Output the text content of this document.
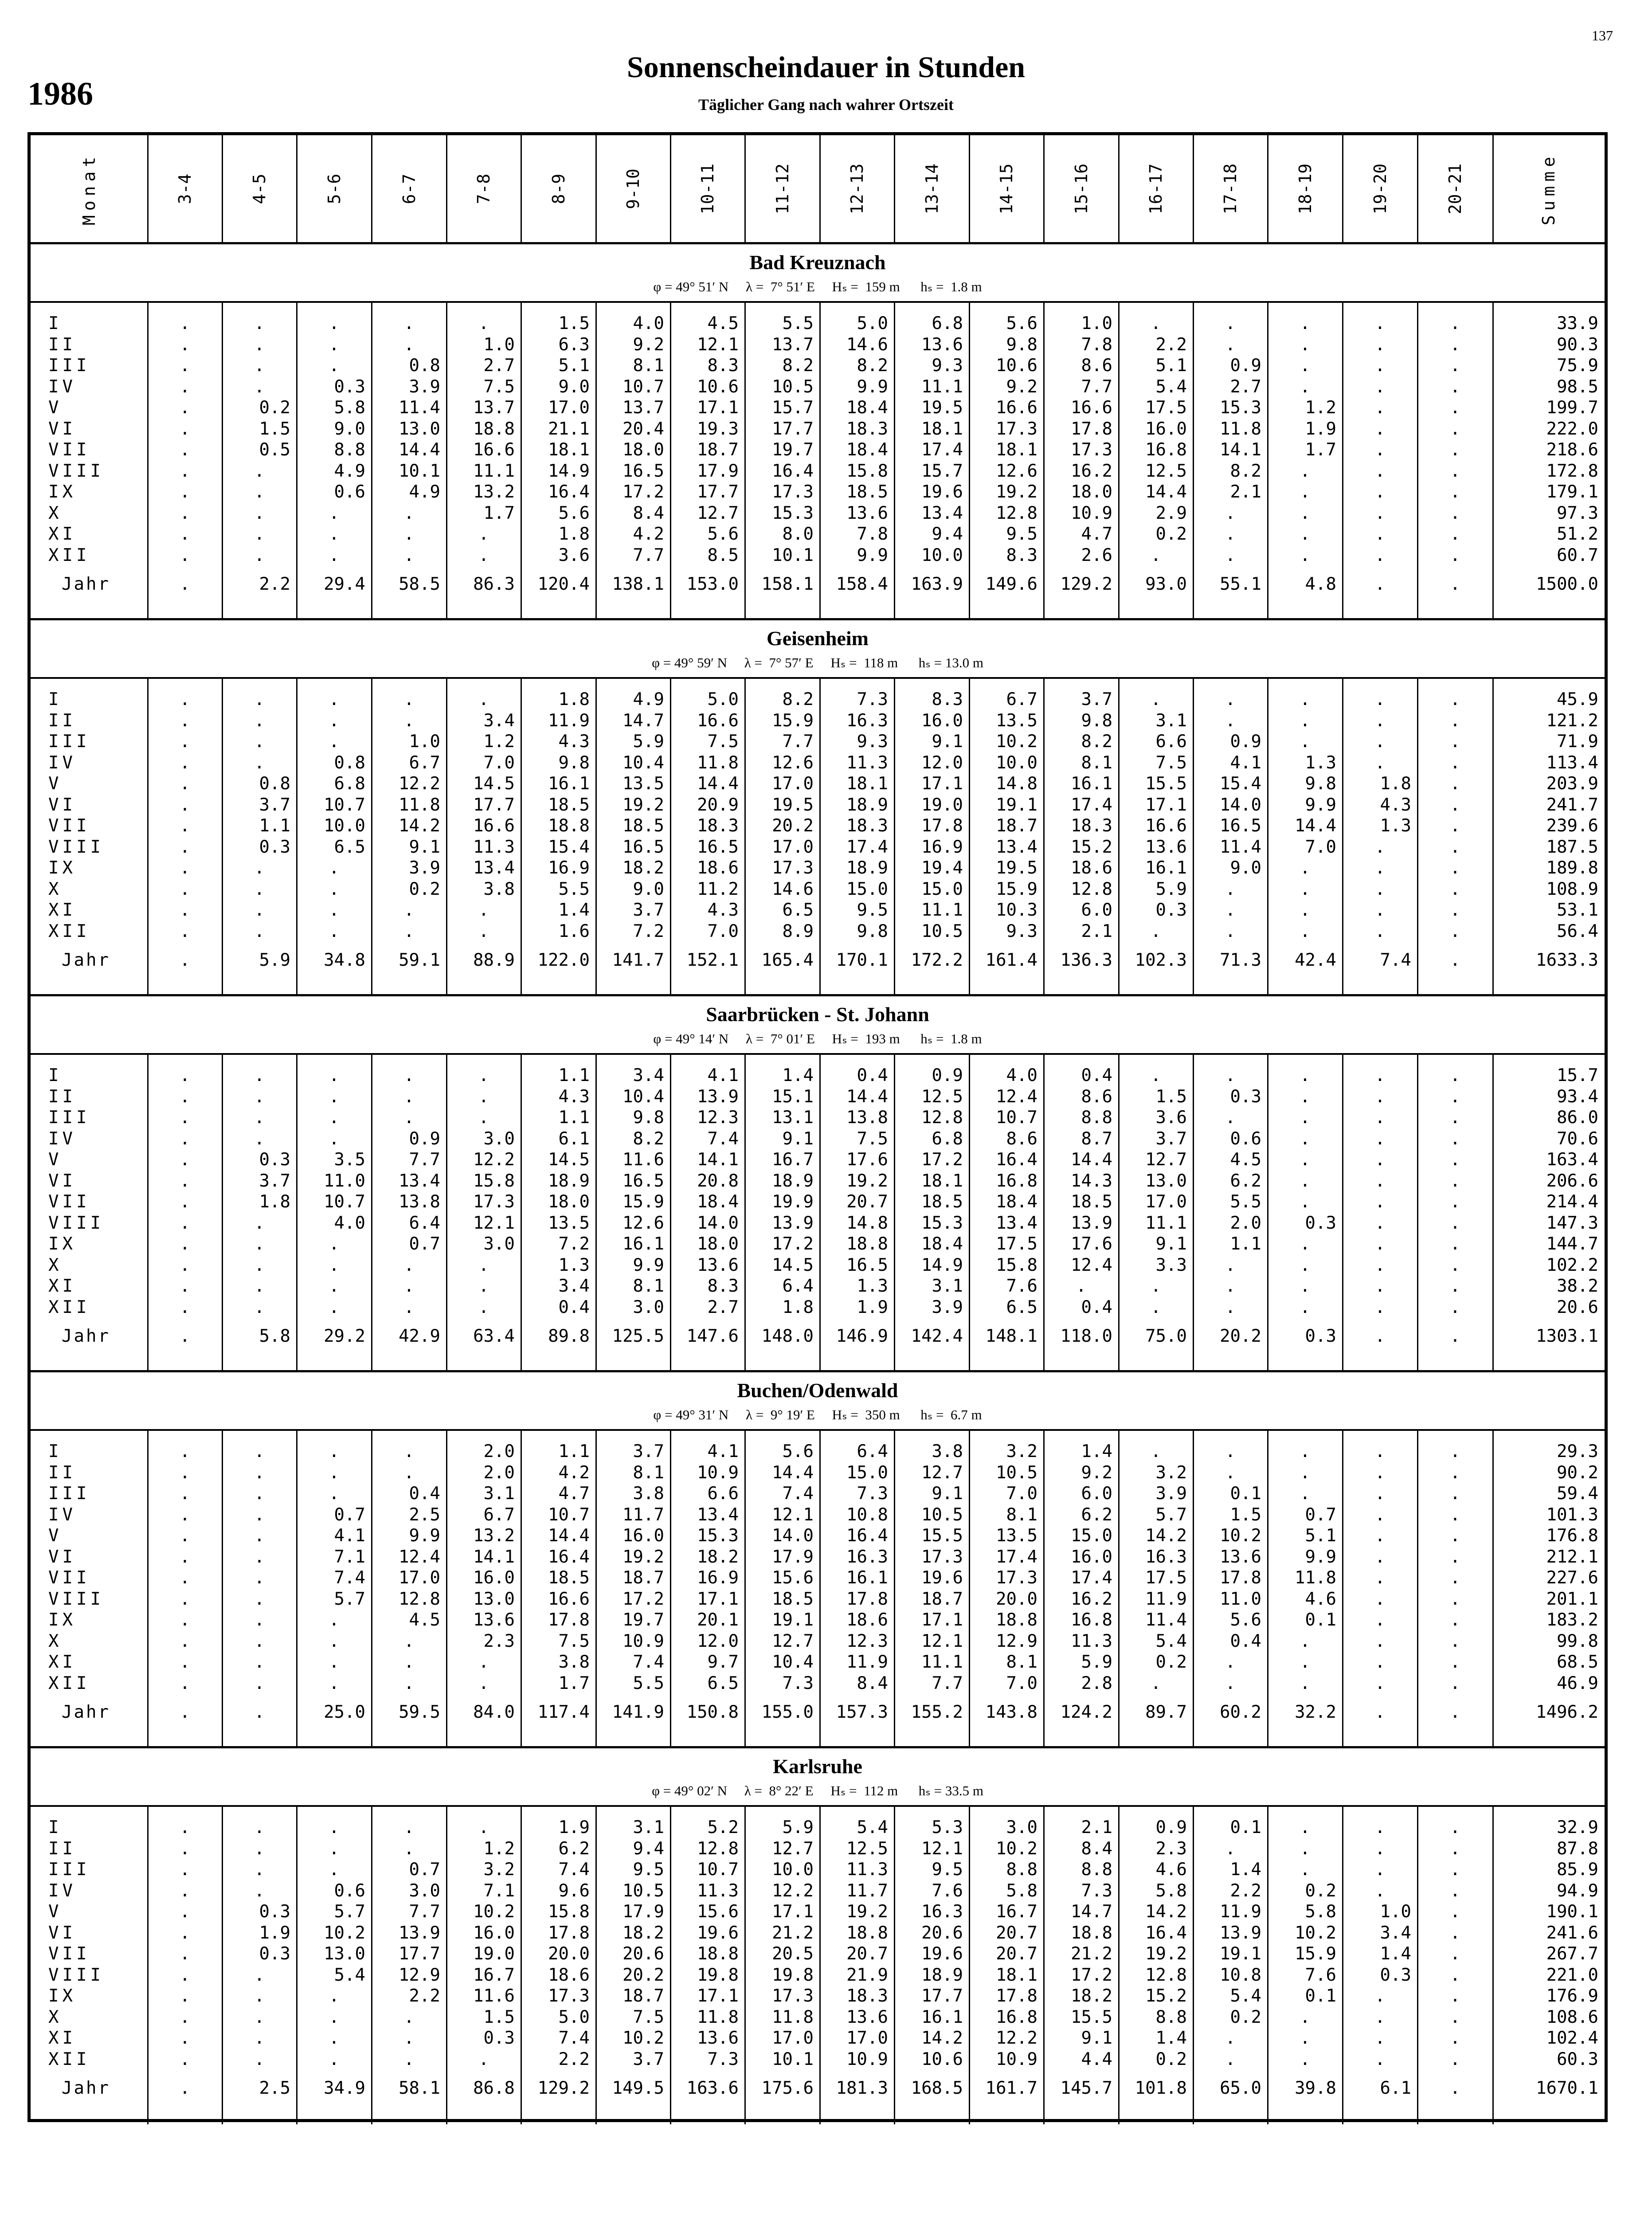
137
1986
Sonnenscheindauer in Stunden
Täglicher Gang nach wahrer Ortszeit
Monat	3-4	4-5	5-6	6-7	7-8	8-9	9-10	10-11	11-12	12-13	13-14	14-15	15-16	16-17	17-18	18-19	19-20	20-21	Summe
Bad Kreuznach
φ = 49° 51′ N     λ =  7° 51′ E     Hₛ =  159 m      hₛ =  1.8 m
I	.	.	.	.	.	1.5	4.0	4.5	5.5	5.0	6.8	5.6	1.0	.	.	.	.	.	33.9
II	.	.	.	.	1.0	6.3	9.2	12.1	13.7	14.6	13.6	9.8	7.8	2.2	.	.	.	.	90.3
III	.	.	.	0.8	2.7	5.1	8.1	8.3	8.2	8.2	9.3	10.6	8.6	5.1	0.9	.	.	.	75.9
IV	.	.	0.3	3.9	7.5	9.0	10.7	10.6	10.5	9.9	11.1	9.2	7.7	5.4	2.7	.	.	.	98.5
V	.	0.2	5.8	11.4	13.7	17.0	13.7	17.1	15.7	18.4	19.5	16.6	16.6	17.5	15.3	1.2	.	.	199.7
VI	.	1.5	9.0	13.0	18.8	21.1	20.4	19.3	17.7	18.3	18.1	17.3	17.8	16.0	11.8	1.9	.	.	222.0
VII	.	0.5	8.8	14.4	16.6	18.1	18.0	18.7	19.7	18.4	17.4	18.1	17.3	16.8	14.1	1.7	.	.	218.6
VIII	.	.	4.9	10.1	11.1	14.9	16.5	17.9	16.4	15.8	15.7	12.6	16.2	12.5	8.2	.	.	.	172.8
IX	.	.	0.6	4.9	13.2	16.4	17.2	17.7	17.3	18.5	19.6	19.2	18.0	14.4	2.1	.	.	.	179.1
X	.	.	.	.	1.7	5.6	8.4	12.7	15.3	13.6	13.4	12.8	10.9	2.9	.	.	.	.	97.3
XI	.	.	.	.	.	1.8	4.2	5.6	8.0	7.8	9.4	9.5	4.7	0.2	.	.	.	.	51.2
XII	.	.	.	.	.	3.6	7.7	8.5	10.1	9.9	10.0	8.3	2.6	.	.	.	.	.	60.7
Jahr	.	2.2	29.4	58.5	86.3	120.4	138.1	153.0	158.1	158.4	163.9	149.6	129.2	93.0	55.1	4.8	.	.	1500.0
Geisenheim
φ = 49° 59′ N     λ =  7° 57′ E     Hₛ =  118 m      hₛ = 13.0 m
I	.	.	.	.	.	1.8	4.9	5.0	8.2	7.3	8.3	6.7	3.7	.	.	.	.	.	45.9
II	.	.	.	.	3.4	11.9	14.7	16.6	15.9	16.3	16.0	13.5	9.8	3.1	.	.	.	.	121.2
III	.	.	.	1.0	1.2	4.3	5.9	7.5	7.7	9.3	9.1	10.2	8.2	6.6	0.9	.	.	.	71.9
IV	.	.	0.8	6.7	7.0	9.8	10.4	11.8	12.6	11.3	12.0	10.0	8.1	7.5	4.1	1.3	.	.	113.4
V	.	0.8	6.8	12.2	14.5	16.1	13.5	14.4	17.0	18.1	17.1	14.8	16.1	15.5	15.4	9.8	1.8	.	203.9
VI	.	3.7	10.7	11.8	17.7	18.5	19.2	20.9	19.5	18.9	19.0	19.1	17.4	17.1	14.0	9.9	4.3	.	241.7
VII	.	1.1	10.0	14.2	16.6	18.8	18.5	18.3	20.2	18.3	17.8	18.7	18.3	16.6	16.5	14.4	1.3	.	239.6
VIII	.	0.3	6.5	9.1	11.3	15.4	16.5	16.5	17.0	17.4	16.9	13.4	15.2	13.6	11.4	7.0	.	.	187.5
IX	.	.	.	3.9	13.4	16.9	18.2	18.6	17.3	18.9	19.4	19.5	18.6	16.1	9.0	.	.	.	189.8
X	.	.	.	0.2	3.8	5.5	9.0	11.2	14.6	15.0	15.0	15.9	12.8	5.9	.	.	.	.	108.9
XI	.	.	.	.	.	1.4	3.7	4.3	6.5	9.5	11.1	10.3	6.0	0.3	.	.	.	.	53.1
XII	.	.	.	.	.	1.6	7.2	7.0	8.9	9.8	10.5	9.3	2.1	.	.	.	.	.	56.4
Jahr	.	5.9	34.8	59.1	88.9	122.0	141.7	152.1	165.4	170.1	172.2	161.4	136.3	102.3	71.3	42.4	7.4	.	1633.3
Saarbrücken - St. Johann
φ = 49° 14′ N     λ =  7° 01′ E     Hₛ =  193 m      hₛ =  1.8 m
I	.	.	.	.	.	1.1	3.4	4.1	1.4	0.4	0.9	4.0	0.4	.	.	.	.	.	15.7
II	.	.	.	.	.	4.3	10.4	13.9	15.1	14.4	12.5	12.4	8.6	1.5	0.3	.	.	.	93.4
III	.	.	.	.	.	1.1	9.8	12.3	13.1	13.8	12.8	10.7	8.8	3.6	.	.	.	.	86.0
IV	.	.	.	0.9	3.0	6.1	8.2	7.4	9.1	7.5	6.8	8.6	8.7	3.7	0.6	.	.	.	70.6
V	.	0.3	3.5	7.7	12.2	14.5	11.6	14.1	16.7	17.6	17.2	16.4	14.4	12.7	4.5	.	.	.	163.4
VI	.	3.7	11.0	13.4	15.8	18.9	16.5	20.8	18.9	19.2	18.1	16.8	14.3	13.0	6.2	.	.	.	206.6
VII	.	1.8	10.7	13.8	17.3	18.0	15.9	18.4	19.9	20.7	18.5	18.4	18.5	17.0	5.5	.	.	.	214.4
VIII	.	.	4.0	6.4	12.1	13.5	12.6	14.0	13.9	14.8	15.3	13.4	13.9	11.1	2.0	0.3	.	.	147.3
IX	.	.	.	0.7	3.0	7.2	16.1	18.0	17.2	18.8	18.4	17.5	17.6	9.1	1.1	.	.	.	144.7
X	.	.	.	.	.	1.3	9.9	13.6	14.5	16.5	14.9	15.8	12.4	3.3	.	.	.	.	102.2
XI	.	.	.	.	.	3.4	8.1	8.3	6.4	1.3	3.1	7.6	.	.	.	.	.	.	38.2
XII	.	.	.	.	.	0.4	3.0	2.7	1.8	1.9	3.9	6.5	0.4	.	.	.	.	.	20.6
Jahr	.	5.8	29.2	42.9	63.4	89.8	125.5	147.6	148.0	146.9	142.4	148.1	118.0	75.0	20.2	0.3	.	.	1303.1
Buchen/Odenwald
φ = 49° 31′ N     λ =  9° 19′ E     Hₛ =  350 m      hₛ =  6.7 m
I	.	.	.	.	2.0	1.1	3.7	4.1	5.6	6.4	3.8	3.2	1.4	.	.	.	.	.	29.3
II	.	.	.	.	2.0	4.2	8.1	10.9	14.4	15.0	12.7	10.5	9.2	3.2	.	.	.	.	90.2
III	.	.	.	0.4	3.1	4.7	3.8	6.6	7.4	7.3	9.1	7.0	6.0	3.9	0.1	.	.	.	59.4
IV	.	.	0.7	2.5	6.7	10.7	11.7	13.4	12.1	10.8	10.5	8.1	6.2	5.7	1.5	0.7	.	.	101.3
V	.	.	4.1	9.9	13.2	14.4	16.0	15.3	14.0	16.4	15.5	13.5	15.0	14.2	10.2	5.1	.	.	176.8
VI	.	.	7.1	12.4	14.1	16.4	19.2	18.2	17.9	16.3	17.3	17.4	16.0	16.3	13.6	9.9	.	.	212.1
VII	.	.	7.4	17.0	16.0	18.5	18.7	16.9	15.6	16.1	19.6	17.3	17.4	17.5	17.8	11.8	.	.	227.6
VIII	.	.	5.7	12.8	13.0	16.6	17.2	17.1	18.5	17.8	18.7	20.0	16.2	11.9	11.0	4.6	.	.	201.1
IX	.	.	.	4.5	13.6	17.8	19.7	20.1	19.1	18.6	17.1	18.8	16.8	11.4	5.6	0.1	.	.	183.2
X	.	.	.	.	2.3	7.5	10.9	12.0	12.7	12.3	12.1	12.9	11.3	5.4	0.4	.	.	.	99.8
XI	.	.	.	.	.	3.8	7.4	9.7	10.4	11.9	11.1	8.1	5.9	0.2	.	.	.	.	68.5
XII	.	.	.	.	.	1.7	5.5	6.5	7.3	8.4	7.7	7.0	2.8	.	.	.	.	.	46.9
Jahr	.	.	25.0	59.5	84.0	117.4	141.9	150.8	155.0	157.3	155.2	143.8	124.2	89.7	60.2	32.2	.	.	1496.2
Karlsruhe
φ = 49° 02′ N     λ =  8° 22′ E     Hₛ =  112 m      hₛ = 33.5 m
I	.	.	.	.	.	1.9	3.1	5.2	5.9	5.4	5.3	3.0	2.1	0.9	0.1	.	.	.	32.9
II	.	.	.	.	1.2	6.2	9.4	12.8	12.7	12.5	12.1	10.2	8.4	2.3	.	.	.	.	87.8
III	.	.	.	0.7	3.2	7.4	9.5	10.7	10.0	11.3	9.5	8.8	8.8	4.6	1.4	.	.	.	85.9
IV	.	.	0.6	3.0	7.1	9.6	10.5	11.3	12.2	11.7	7.6	5.8	7.3	5.8	2.2	0.2	.	.	94.9
V	.	0.3	5.7	7.7	10.2	15.8	17.9	15.6	17.1	19.2	16.3	16.7	14.7	14.2	11.9	5.8	1.0	.	190.1
VI	.	1.9	10.2	13.9	16.0	17.8	18.2	19.6	21.2	18.8	20.6	20.7	18.8	16.4	13.9	10.2	3.4	.	241.6
VII	.	0.3	13.0	17.7	19.0	20.0	20.6	18.8	20.5	20.7	19.6	20.7	21.2	19.2	19.1	15.9	1.4	.	267.7
VIII	.	.	5.4	12.9	16.7	18.6	20.2	19.8	19.8	21.9	18.9	18.1	17.2	12.8	10.8	7.6	0.3	.	221.0
IX	.	.	.	2.2	11.6	17.3	18.7	17.1	17.3	18.3	17.7	17.8	18.2	15.2	5.4	0.1	.	.	176.9
X	.	.	.	.	1.5	5.0	7.5	11.8	11.8	13.6	16.1	16.8	15.5	8.8	0.2	.	.	.	108.6
XI	.	.	.	.	0.3	7.4	10.2	13.6	17.0	17.0	14.2	12.2	9.1	1.4	.	.	.	.	102.4
XII	.	.	.	.	.	2.2	3.7	7.3	10.1	10.9	10.6	10.9	4.4	0.2	.	.	.	.	60.3
Jahr	.	2.5	34.9	58.1	86.8	129.2	149.5	163.6	175.6	181.3	168.5	161.7	145.7	101.8	65.0	39.8	6.1	.	1670.1
